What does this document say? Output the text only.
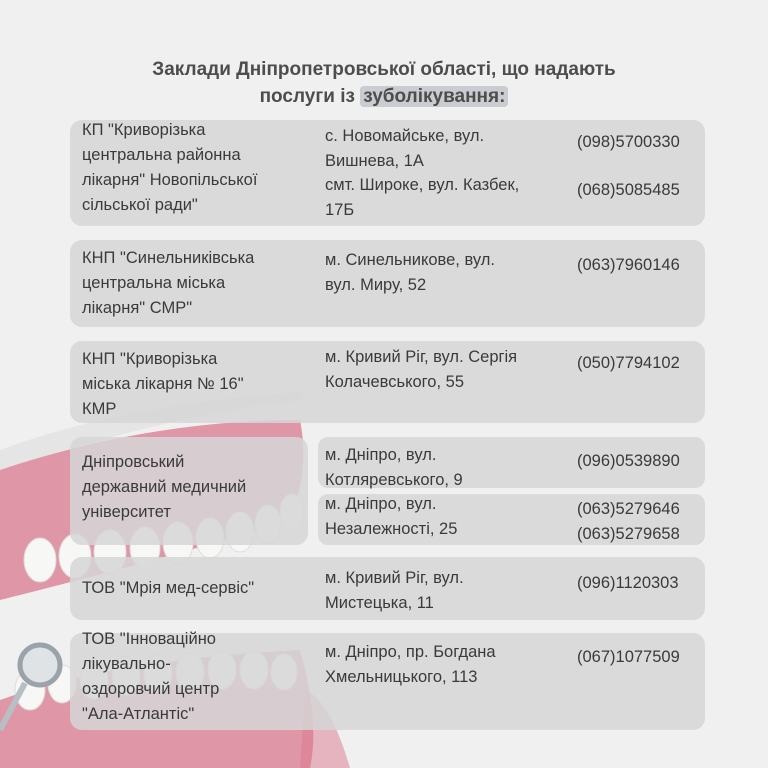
Заклади Дніпропетровської області, що надають
послуги із зуболікування:
КП "Криворізька
центральна районна
лікарня" Новопільської
сільської ради"
с. Новомайське, вул.
Вишнева, 1А
(098)5700330
смт. Широке, вул. Казбек,
17Б
(068)5085485
КНП "Синельниківська
центральна міська
лікарня" СМР"
м. Синельникове, вул.
вул. Миру, 52
(063)7960146
КНП "Криворізька
міська лікарня № 16"
КМР
м. Кривий Ріг, вул. Сергія
Колачевського, 55
(050)7794102
Дніпровський
державний медичний
університет
м. Дніпро, вул.
Котляревського, 9
(096)0539890
м. Дніпро, вул.
Незалежності, 25
(063)5279646
(063)5279658
ТОВ "Мрія мед-сервіс"
м. Кривий Ріг, вул.
Мистецька, 11
(096)1120303
ТОВ "Інноваційно
лікувально-
оздоровчий центр
"Ала-Атлантіс"
м. Дніпро, пр. Богдана
Хмельницького, 113
(067)1077509
